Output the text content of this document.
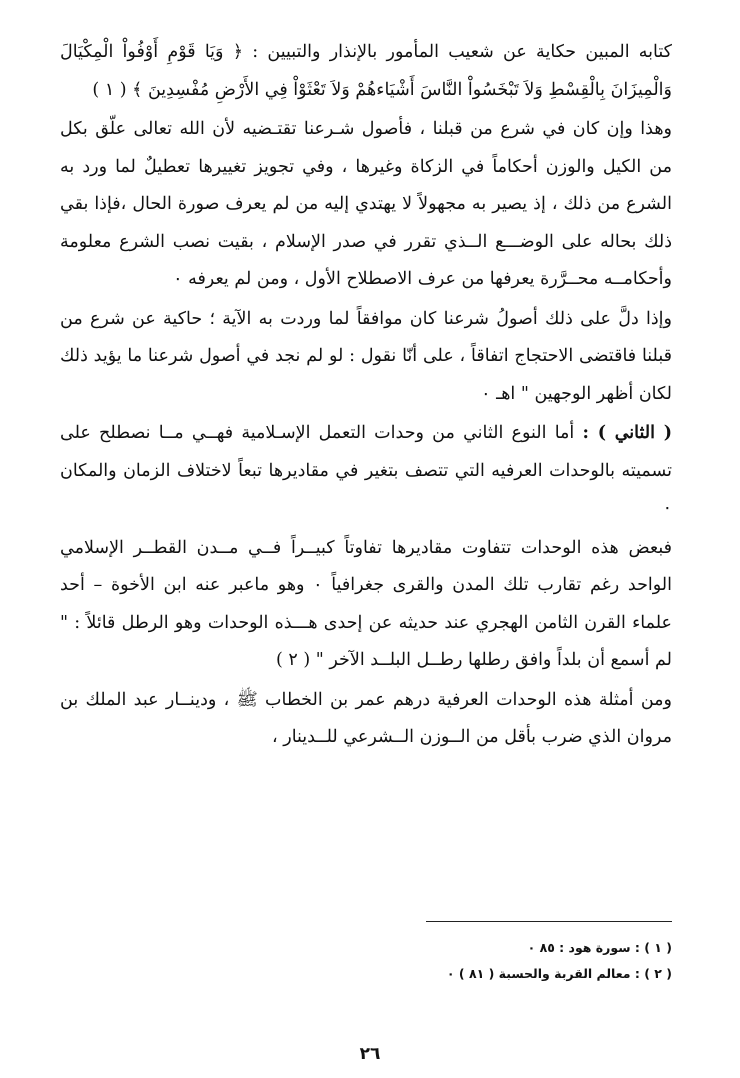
كتابه المبين حكاية عن شعيب المأمور بالإنذار والتبيين : ﴿ وَيَا قَوْمِ أَوْفُواْ الْمِكْيَالَ وَالْمِيزَانَ بِالْقِسْطِ وَلاَ تَبْخَسُواْ النَّاسَ أَشْيَاءهُمْ وَلاَ تَعْثَوْاْ فِي الأَرْضِ مُفْسِدِينَ ﴾ ( ١ )

وهذا وإن كان في شرع من قبلنا ، فأصول شـرعنا تقتـضيه لأن الله تعالى علّق بكل من الكيل والوزن أحكاماً في الزكاة وغيرها ، وفي تجويز تغييرها تعطيلٌ لما ورد به الشرع من ذلك ، إذ يصير به مجهولاً لا يهتدي إليه من لم يعرف صورة الحال ،فإذا بقي ذلك بحاله على الوضـــع الــذي تقرر في صدر الإسلام ، بقيت نصب الشرع معلومة وأحكامــه محــرَّرة يعرفها من عرف الاصطلاح الأول ، ومن لم يعرفه ٠

وإذا دلَّ على ذلك أصولُ شرعنا كان موافقاً لما وردت به الآية ؛ حاكية عن شرع من قبلنا فاقتضى الاحتجاج اتفاقاً ، على أنّا نقول : لو لم نجد في أصول شرعنا ما يؤيد ذلك لكان أظهر الوجهين " اهـ ٠

( الثاني ) : أما النوع الثاني من وحدات التعمل الإسـلامية فهــي مــا نصطلح على تسميته بالوحدات العرفيه التي تتصف بتغير في مقاديرها تبعاً لاختلاف الزمان والمكان ٠

فبعض هذه الوحدات تتفاوت مقاديرها تفاوتاً كبيــراً فــي مــدن القطــر الإسلامي الواحد رغم تقارب تلك المدن والقرى جغرافياً ٠ وهو ماعبر عنه ابن الأخوة – أحد علماء القرن الثامن الهجري عند حديثه عن إحدى هـــذه الوحدات وهو الرطل قائلاً : " لم أسمع أن بلداً وافق رطلها رطــل البلــد الآخر " ( ٢ )

ومن أمثلة هذه الوحدات العرفية درهم عمر بن الخطاب ﷺ ، ودينــار عبد الملك بن مروان الذي ضرب بأقل من الــوزن الــشرعي للــدينار ،

( ١ ) : سورة هود : ٨٥ ٠

( ٢ ) : معالم القربة والحسبة ( ٨١ ) ٠

٢٦
